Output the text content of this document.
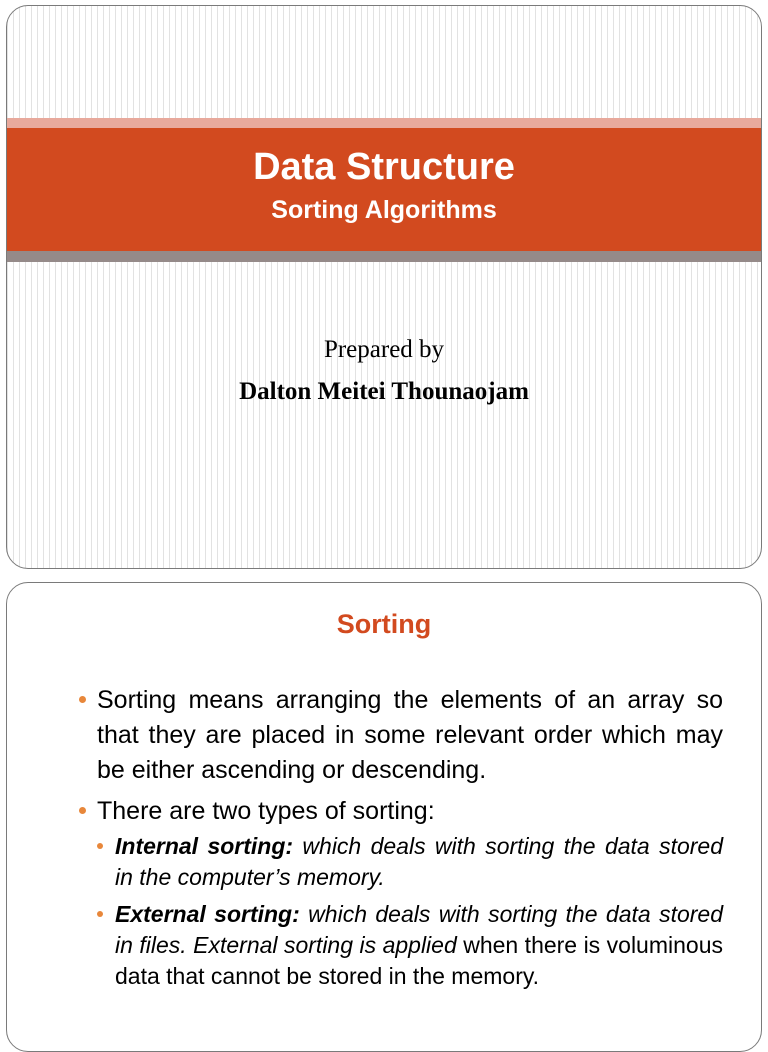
Data Structure
Sorting Algorithms
Prepared by
Dalton Meitei Thounaojam
Sorting
Sorting means arranging the elements of an array so that they are placed in some relevant order which may be either ascending or descending.
There are two types of sorting:
Internal sorting: which deals with sorting the data stored in the computer’s memory.
External sorting: which deals with sorting the data stored in files. External sorting is applied when there is voluminous data that cannot be stored in the memory.
